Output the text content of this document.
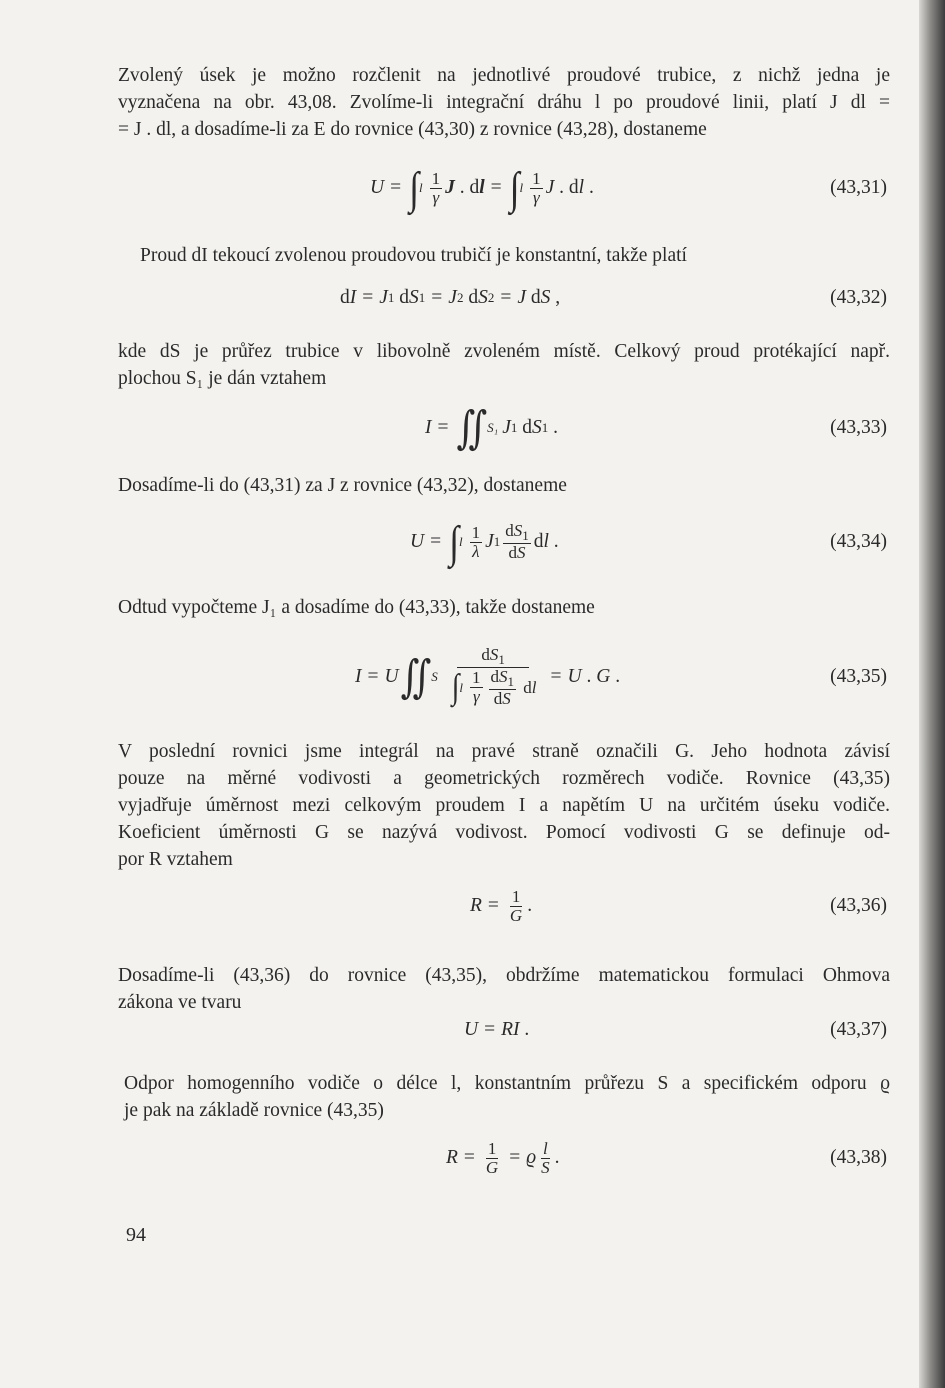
Zvolený úsek je možno rozčlenit na jednotlivé proudové trubice, z nichž jedna je
vyznačena na obr. 43,08. Zvolíme-li integrační dráhu l po proudové linii, platí J dl =
= J . dl, a dosadíme-li za E do rovnice (43,30) z rovnice (43,28), dostaneme
U = ∫ l $\frac{1}{\gamma}$ J . d l = ∫ l $\frac{1}{\gamma}$ J . d l .	(43,31)
Proud dI tekoucí zvolenou proudovou trubičí je konstantní, takže platí
d I = J 1 d S 1 = J 2 d S 2 = J d S ,	(43,32)
kde dS je průřez trubice v libovolně zvoleném místě. Celkový proud protékající např.
plochou S₁ je dán vztahem
I = ∬ S₁ J 1 d S 1 .	(43,33)
Dosadíme-li do (43,31) za J z rovnice (43,32), dostaneme
U = ∫ l $\frac{1}{\lambda}$ J $1 \frac{dS_1}{dS}$ d l .	(43,34)
Odtud vypočteme J₁ a dosadíme do (43,33), takže dostaneme
I = U ∬ S $\frac{dS_1}{\int l \frac{1}{\gamma} \frac{dS_1}{dS} d l} = U$ . G .	(43,35)
V poslední rovnici jsme integrál na pravé straně označili G. Jeho hodnota závisí
pouze na měrné vodivosti a geometrických rozměrech vodiče. Rovnice (43,35)
vyjadřuje úměrnost mezi celkovým proudem I a napětím U na určitém úseku vodiče.
Koeficient úměrnosti G se nazývá vodivost. Pomocí vodivosti G se definuje od-
por R vztahem
$R = \frac{1}{G}$ .	(43,36)
Dosadíme-li (43,36) do rovnice (43,35), obdržíme matematickou formulaci Ohmova
zákona ve tvaru
U = RI .	(43,37)
Odpor homogenního vodiče o délce l, konstantním průřezu S a specifickém odporu ϱ
je pak na základě rovnice (43,35)
$R = \frac{1}{G} = ϱ \frac{l}{S}$ .	(43,38)
94
